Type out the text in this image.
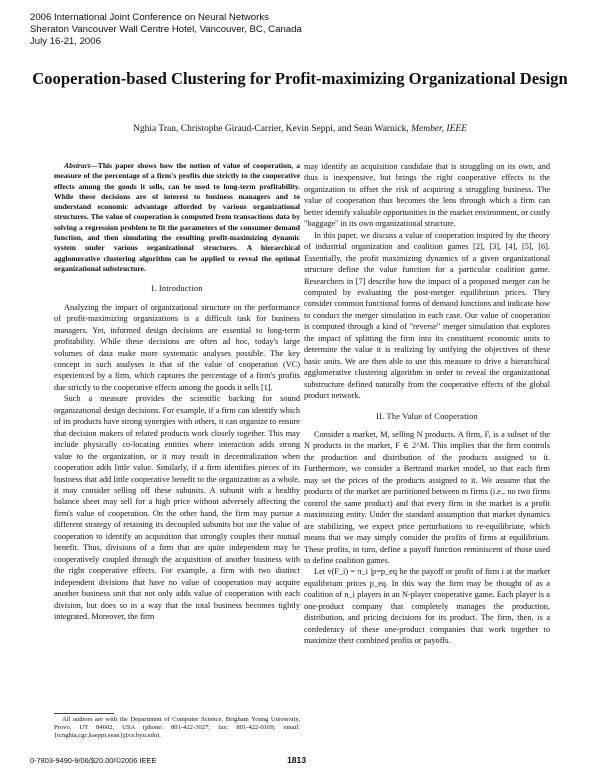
2006 International Joint Conference on Neural Networks
Sheraton Vancouver Wall Centre Hotel, Vancouver, BC, Canada
July 16-21, 2006
Cooperation-based Clustering for Profit-maximizing Organizational Design
Nghia Tran, Christophe Giraud-Carrier, Kevin Seppi, and Sean Warnick, Member, IEEE

Abstract—This paper shows how the notion of value of cooperation, a measure of the percentage of a firm's profits due strictly to the cooperative effects among the goods it sells, can be used to long-term profitability. While these decisions are of interest to business managers and to understand economic advantage afforded by various organizational structures. The value of cooperation is computed from transactions data by solving a regression problem to fit the parameters of the consumer demand function, and then simulating the resulting profit-maximizing dynamic system under various organizational structures. A hierarchical agglomerative clustering algorithm can be applied to reveal the optimal organizational substructure.

I. Introduction

Analyzing the impact of organizational structure on the performance of profit-maximizing organizations is a difficult task for business managers. Yet, informed design decisions are essential to long-term profitability. While these decisions are often ad hoc, today's large volumes of data make more systematic analyses possible. The key concept in such analyses is that of the value of cooperation (VC) experienced by a firm, which captures the percentage of a firm's profits due strictly to the cooperative effects among the goods it sells [1].

Such a measure provides the scientific backing for sound organizational design decisions. For example, if a firm can identify which of its products have strong synergies with others, it can organize to ensure that decision makers of related products work closely together. This may include physically co-locating entities where interaction adds strong value to the organization, or it may result in decentralization when cooperation adds little value. Similarly, if a firm identifies pieces of its business that add little cooperative benefit to the organization as a whole, it may consider selling off these subunits. A subunit with a healthy balance sheet may sell for a high price without adversely affecting the firm's value of cooperation. On the other hand, the firm may pursue a different strategy of retaining its decoupled subunits but use the value of cooperation to identify an acquisition that strongly couples their mutual benefit. Thus, divisions of a firm that are quite independent may be cooperatively coupled through the acquisition of another business with the right cooperative effects. For example, a firm with two distinct independent divisions that have no value of cooperation may acquire another business unit that not only adds value of cooperation with each division, but does so in a way that the total business becomes tightly integrated. Moreover, the firm

may identify an acquisition candidate that is struggling on its own, and thus is inexpensive, but brings the right cooperative effects to the organization to offset the risk of acquiring a struggling business. The value of cooperation thus becomes the lens through which a firm can better identify valuable opportunities in the market environment, or costly "baggage" in its own organizational structure.

In this paper, we discuss a value of cooperation inspired by the theory of industrial organization and coalition games [2], [3], [4], [5], [6]. Essentially, the profit maximizing dynamics of a given organizational structure define the value function for a particular coalition game. Researchers in [7] describe how the impact of a proposed merger can be computed by evaluating the post-merger equilibrium prices. They consider common functional forms of demand functions and indicate how to conduct the merger simulation in each case. Our value of cooperation is computed through a kind of "reverse" merger simulation that explores the impact of splitting the firm into its constituent economic units to determine the value it is realizing by unifying the objectives of these basic units. We are then able to use this measure to drive a hierarchical agglomerative clustering algorithm in order to reveal the organizational substructure defined naturally from the cooperative effects of the global product network.

II. The Value of Cooperation

Consider a market, M, selling N products. A firm, F, is a subset of the N products in the market, F ∈ 2^M. This implies that the firm controls the production and distribution of the products assigned to it. Furthermore, we consider a Bertrand market model, so that each firm may set the prices of the products assigned to it. We assume that the products of the market are partitioned between m firms (i.e., no two firms control the same product) and that every firm in the market is a profit maximizing entity. Under the standard assumption that market dynamics are stabilizing, we expect price perturbations to re-equilibriate, which means that we may simply consider the profits of firms at equilibrium. These profits, in turn, define a payoff function reminiscent of those used to define coalition games.

Let v(F_i) = π_i |p=p_eq be the payoff or profit of firm i at the market equilibrium prices p_eq. In this way the firm may be thought of as a coalition of n_i players in an N-player cooperative game. Each player is a one-product company that completely manages the production, distribution, and pricing decisions for its product. The firm, then, is a confederacy of these one-product companies that work together to maximize their combined profits or payoffs.

All authors are with the Department of Computer Science, Brigham Young University, Provo, UT 84602, USA (phone: 801-422-3027; fax: 801-422-0169; email: {tcnghia,cgc,kseppi,sean}@cs.byu.edu).

0-7803-9490-9/06/$20.00/©2006 IEEE	1813
